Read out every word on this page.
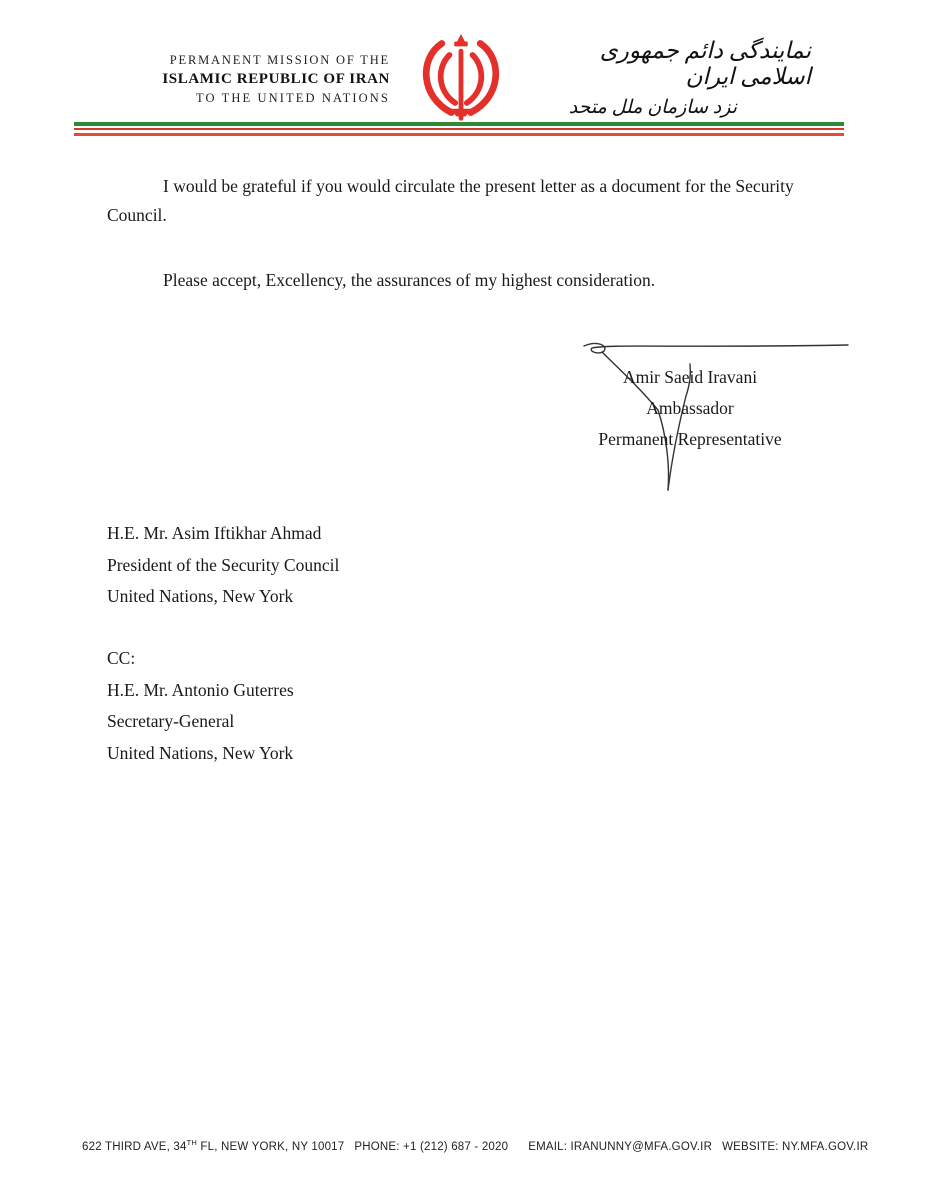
PERMANENT MISSION OF THE
ISLAMIC REPUBLIC OF IRAN
TO THE UNITED NATIONS
نمایندگی دائم جمهوری اسلامی ایران
نزد سازمان ملل متحد
I would be grateful if you would circulate the present letter as a document for the Security Council.
Please accept, Excellency, the assurances of my highest consideration.
Amir Saeid Iravani
Ambassador
Permanent Representative
H.E. Mr. Asim Iftikhar Ahmad
President of the Security Council
United Nations, New York
CC:
H.E. Mr. Antonio Guterres
Secretary-General
United Nations, New York
622 THIRD AVE, 34TH FL, NEW YORK, NY 10017 PHONE: +1 (212) 687 - 2020 EMAIL: IRANUNNY@MFA.GOV.IR WEBSITE: NY.MFA.GOV.IR
